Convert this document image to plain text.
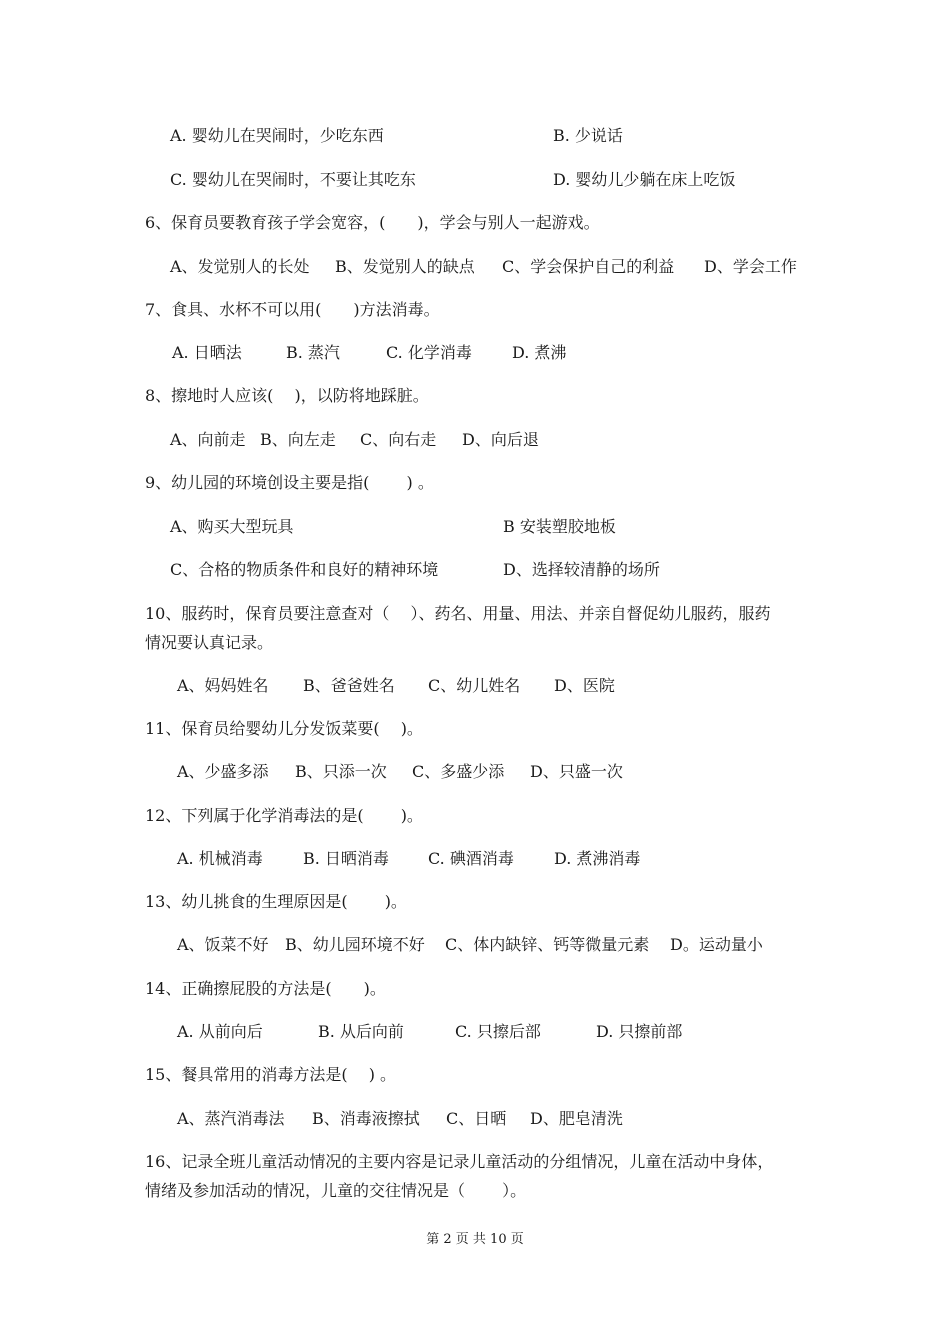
A. 婴幼儿在哭闹时，少吃东西	B. 少说话
C. 婴幼儿在哭闹时，不要让其吃东	D. 婴幼儿少躺在床上吃饭
6、保育员要教育孩子学会宽容，(　　)，学会与别人一起游戏。
A、发觉别人的长处 B、发觉别人的缺点 C、学会保护自己的利益 D、学会工作
7、食具、水杯不可以用(　　)方法消毒。
A. 日晒法	B. 蒸汽	C. 化学消毒	D. 煮沸
8、擦地时人应该(　 )，以防将地踩脏。
A、向前走 B、向左走 C、向右走 D、向后退
9、幼儿园的环境创设主要是指(　　 ) 。
A、购买大型玩具	B 安装塑胶地板
C、合格的物质条件和良好的精神环境	D、选择较清静的场所
10、服药时，保育员要注意查对（　 ）、药名、用量、用法、并亲自督促幼儿服药，服药
情况要认真记录。
A、妈妈姓名 B、爸爸姓名 C、幼儿姓名 D、医院
11、保育员给婴幼儿分发饭菜要(　 )。
A、少盛多添 B、只添一次 C、多盛少添 D、只盛一次
12、下列属于化学消毒法的是(　　 )。
A. 机械消毒	B. 日晒消毒 C. 碘酒消毒	D. 煮沸消毒
13、幼儿挑食的生理原因是(　　 )。
A、饭菜不好 B、幼儿园环境不好 C、体内缺锌、钙等微量元素 D。运动量小
14、正确擦屁股的方法是(　　)。
A. 从前向后	B. 从后向前	C. 只擦后部	D. 只擦前部
15、餐具常用的消毒方法是(　 ) 。
A、蒸汽消毒法 B、消毒液擦拭 C、日晒 D、肥皂清洗
16、记录全班儿童活动情况的主要内容是记录儿童活动的分组情况，儿童在活动中身体，
情绪及参加活动的情况，儿童的交往情况是（　　 ）。
第 2 页 共 10 页
